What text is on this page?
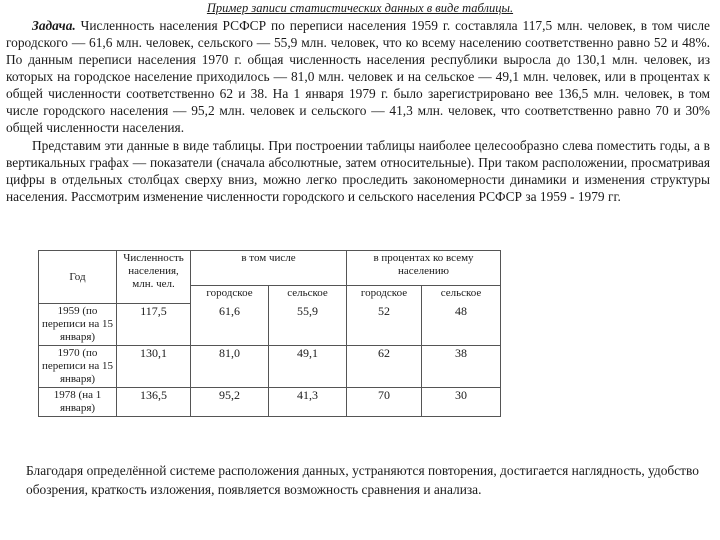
Пример записи статистических данных в виде таблицы.

Задача. Численность населения РСФСР по переписи населения 1959 г. составляла 117,5 млн. человек, в том числе городского — 61,6 млн. человек, сельского — 55,9 млн. человек, что ко всему населению соответственно равно 52 и 48%. По данным переписи населения 1970 г. общая численность населения республики выросла до 130,1 млн. человек, из которых на городское население приходилось — 81,0 млн. человек и на сельское — 49,1 млн. человек, или в процентах к общей численности соответственно 62 и 38. На 1 января 1979 г. было зарегистрировано вее 136,5 млн. человек, в том числе городского населения — 95,2 млн. человек и сельского — 41,3 млн. человек, что соответственно равно 70 и 30% общей численности населения.

Представим эти данные в виде таблицы. При построении таблицы наиболее целесообразно слева поместить годы, а в вертикальных графах — показатели (сначала абсолютные, затем относительные). При таком расположении, просматривая цифры в отдельных столбцах сверху вниз, можно легко проследить закономерности динамики и изменения структуры населения. Рассмотрим изменение численности городского и сельского населения РСФСР за 1959 - 1979 гг.

Год	Численность населения, млн. чел.	в том числе		в процентах ко всему населению	
		городское	сельское	городское	сельское
1959 (по переписи на 15 января)	117,5	61,6	55,9	52	48
1970 (по переписи на 15 января)	130,1	81,0	49,1	62	38
1978 (на 1 января)	136,5	95,2	41,3	70	30

Благодаря определённой системе расположения данных, устраняются повторения, достигается наглядность, удобство обозрения, краткость изложения, появляется возможность сравнения и анализа.
